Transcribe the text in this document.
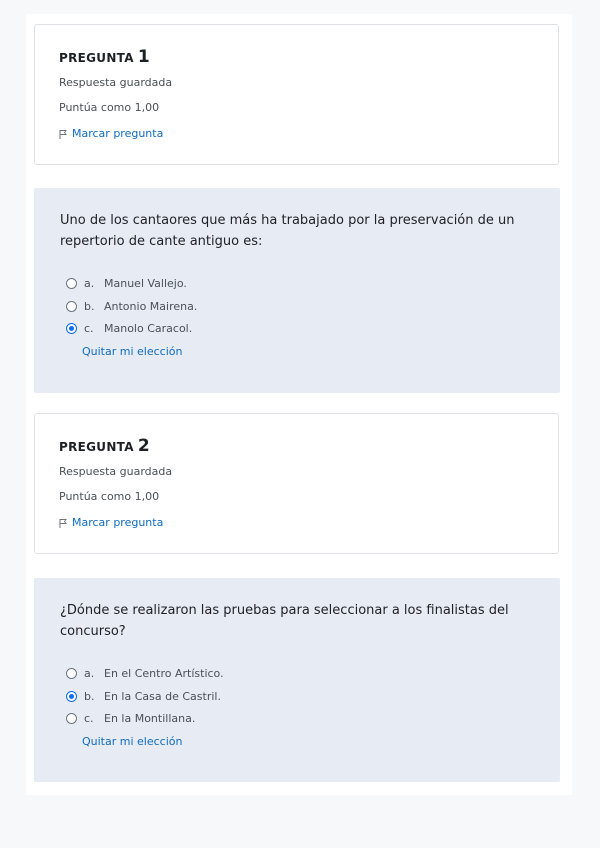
PREGUNTA 1
Respuesta guardada
Puntúa como 1,00
Marcar pregunta
Uno de los cantaores que más ha trabajado por la preservación de un repertorio de cante antiguo es:
a. Manuel Vallejo.
b. Antonio Mairena.
c. Manolo Caracol.
Quitar mi elección
PREGUNTA 2
Respuesta guardada
Puntúa como 1,00
Marcar pregunta
¿Dónde se realizaron las pruebas para seleccionar a los finalistas del concurso?
a. En el Centro Artístico.
b. En la Casa de Castril.
c. En la Montillana.
Quitar mi elección
